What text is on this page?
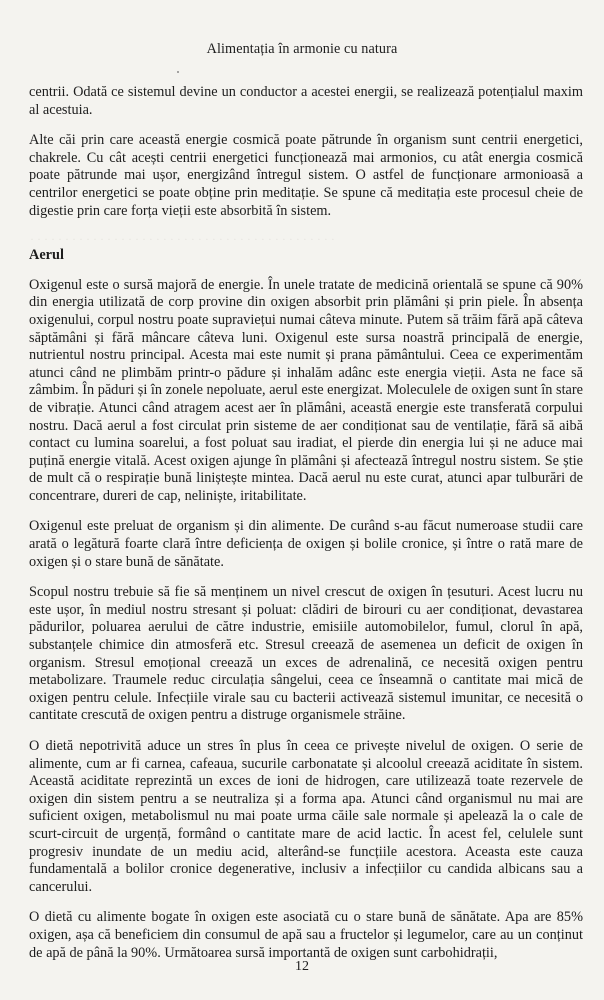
· · · · · · · · · · · · · · · · · · · · · · · · · · · · · · · · · · · · · · · · · · · ·
Alimentația în armonie cu natura

centrii. Odată ce sistemul devine un conductor a acestei energii, se realizează potențialul maxim al acestuia.

Alte căi prin care această energie cosmică poate pătrunde în organism sunt centrii energetici, chakrele. Cu cât acești centrii energetici funcționează mai armonios, cu atât energia cosmică poate pătrunde mai ușor, energizând întregul sistem. O astfel de funcționare armonioasă a centrilor energetici se poate obține prin meditație. Se spune că meditația este procesul cheie de digestie prin care forța vieții este absorbită în sistem.

Aerul

Oxigenul este o sursă majoră de energie. În unele tratate de medicină orientală se spune că 90% din energia utilizată de corp provine din oxigen absorbit prin plămâni și prin piele. În absența oxigenului, corpul nostru poate supraviețui numai câteva minute. Putem să trăim fără apă câteva săptămâni și fără mâncare câteva luni. Oxigenul este sursa noastră principală de energie, nutrientul nostru principal. Acesta mai este numit și prana pământului. Ceea ce experimentăm atunci când ne plimbăm printr-o pădure și inhalăm adânc este energia vieții. Asta ne face să zâmbim. În păduri și în zonele nepoluate, aerul este energizat. Moleculele de oxigen sunt în stare de vibrație. Atunci când atragem acest aer în plămâni, această energie este transferată corpului nostru. Dacă aerul a fost circulat prin sisteme de aer condiționat sau de ventilație, fără să aibă contact cu lumina soarelui, a fost poluat sau iradiat, el pierde din energia lui și ne aduce mai puțină energie vitală. Acest oxigen ajunge în plămâni și afectează întregul nostru sistem. Se știe de mult că o respirație bună liniștește mintea. Dacă aerul nu este curat, atunci apar tulburări de concentrare, dureri de cap, neliniște, iritabilitate.

Oxigenul este preluat de organism și din alimente. De curând s-au făcut numeroase studii care arată o legătură foarte clară între deficiența de oxigen și bolile cronice, și între o rată mare de oxigen și o stare bună de sănătate.

Scopul nostru trebuie să fie să menținem un nivel crescut de oxigen în țesuturi. Acest lucru nu este ușor, în mediul nostru stresant și poluat: clădiri de birouri cu aer condiționat, devastarea pădurilor, poluarea aerului de către industrie, emisiile automobilelor, fumul, clorul în apă, substanțele chimice din atmosferă etc. Stresul creează de asemenea un deficit de oxigen în organism. Stresul emoțional creează un exces de adrenalină, ce necesită oxigen pentru metabolizare. Traumele reduc circulația sângelui, ceea ce înseamnă o cantitate mai mică de oxigen pentru celule. Infecțiile virale sau cu bacterii activează sistemul imunitar, ce necesită o cantitate crescută de oxigen pentru a distruge organismele străine.

O dietă nepotrivită aduce un stres în plus în ceea ce privește nivelul de oxigen. O serie de alimente, cum ar fi carnea, cafeaua, sucurile carbonatate și alcoolul creează aciditate în sistem. Această aciditate reprezintă un exces de ioni de hidrogen, care utilizează toate rezervele de oxigen din sistem pentru a se neutraliza și a forma apa. Atunci când organismul nu mai are suficient oxigen, metabolismul nu mai poate urma căile sale normale și apelează la o cale de scurt-circuit de urgență, formând o cantitate mare de acid lactic. În acest fel, celulele sunt progresiv inundate de un mediu acid, alterând-se funcțiile acestora. Aceasta este cauza fundamentală a bolilor cronice degenerative, inclusiv a infecțiilor cu candida albicans sau a cancerului.

O dietă cu alimente bogate în oxigen este asociată cu o stare bună de sănătate. Apa are 85% oxigen, așa că beneficiem din consumul de apă sau a fructelor și legumelor, care au un conținut de apă de până la 90%. Următoarea sursă importantă de oxigen sunt carbohidrații,

12
